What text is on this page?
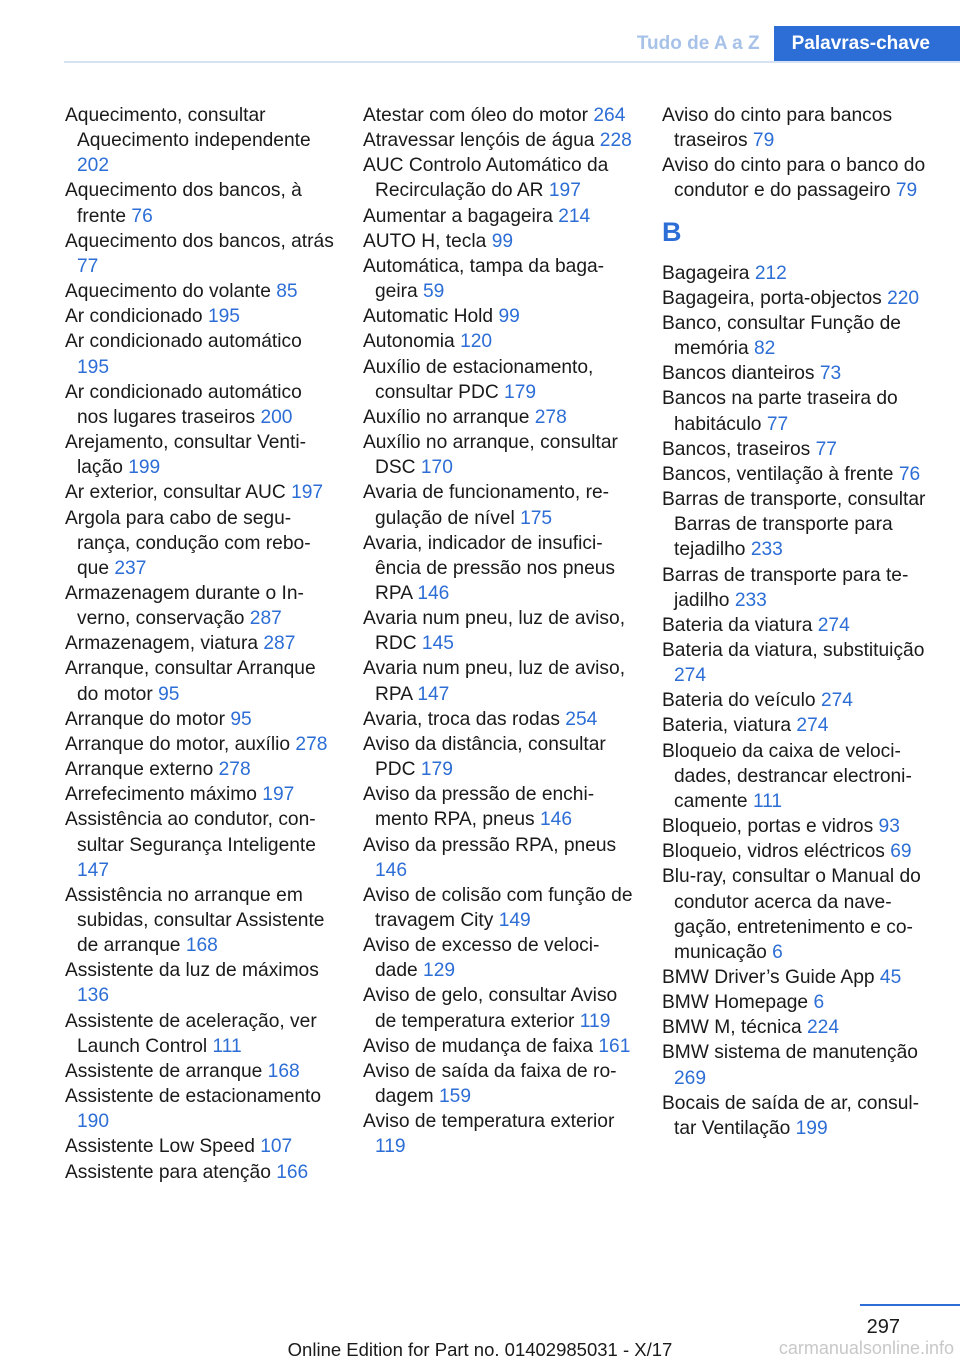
Tudo de A a Z	Palavras-chave
Aquecimento, consultar Aquecimento independente 202
Aquecimento dos bancos, à frente 76
Aquecimento dos bancos, atrás 77
Aquecimento do volante 85
Ar condicionado 195
Ar condicionado automático 195
Ar condicionado automático nos lugares traseiros 200
Arejamento, consultar Ventilação 199
Ar exterior, consultar AUC 197
Argola para cabo de segurança, condução com reboque 237
Armazenagem durante o Inverno, conservação 287
Armazenagem, viatura 287
Arranque, consultar Arranque do motor 95
Arranque do motor 95
Arranque do motor, auxílio 278
Arranque externo 278
Arrefecimento máximo 197
Assistência ao condutor, consultar Segurança Inteligente 147
Assistência no arranque em subidas, consultar Assistente de arranque 168
Assistente da luz de máximos 136
Assistente de aceleração, ver Launch Control 111
Assistente de arranque 168
Assistente de estacionamento 190
Assistente Low Speed 107
Assistente para atenção 166
Atestar com óleo do motor 264
Atravessar lençóis de água 228
AUC Controlo Automático da Recirculação do AR 197
Aumentar a bagageira 214
AUTO H, tecla 99
Automática, tampa da bagageira 59
Automatic Hold 99
Autonomia 120
Auxílio de estacionamento, consultar PDC 179
Auxílio no arranque 278
Auxílio no arranque, consultar DSC 170
Avaria de funcionamento, regulação de nível 175
Avaria, indicador de insuficiência de pressão nos pneus RPA 146
Avaria num pneu, luz de aviso, RDC 145
Avaria num pneu, luz de aviso, RPA 147
Avaria, troca das rodas 254
Aviso da distância, consultar PDC 179
Aviso da pressão de enchimento RPA, pneus 146
Aviso da pressão RPA, pneus 146
Aviso de colisão com função de travagem City 149
Aviso de excesso de velocidade 129
Aviso de gelo, consultar Aviso de temperatura exterior 119
Aviso de mudança de faixa 161
Aviso de saída da faixa de rodagem 159
Aviso de temperatura exterior 119
Aviso do cinto para bancos traseiros 79
Aviso do cinto para o banco do condutor e do passageiro 79
B
Bagageira 212
Bagageira, porta-objectos 220
Banco, consultar Função de memória 82
Bancos dianteiros 73
Bancos na parte traseira do habitáculo 77
Bancos, traseiros 77
Bancos, ventilação à frente 76
Barras de transporte, consultar Barras de transporte para tejadilho 233
Barras de transporte para tejadilho 233
Bateria da viatura 274
Bateria da viatura, substituição 274
Bateria do veículo 274
Bateria, viatura 274
Bloqueio da caixa de velocidades, destrancar electronicamente 111
Bloqueio, portas e vidros 93
Bloqueio, vidros eléctricos 69
Blu-ray, consultar o Manual do condutor acerca da navegação, entretenimento e comunicação 6
BMW Driver’s Guide App 45
BMW Homepage 6
BMW M, técnica 224
BMW sistema de manutenção 269
Bocais de saída de ar, consultar Ventilação 199
297
Online Edition for Part no. 01402985031 - X/17	carmanualsonline.info
